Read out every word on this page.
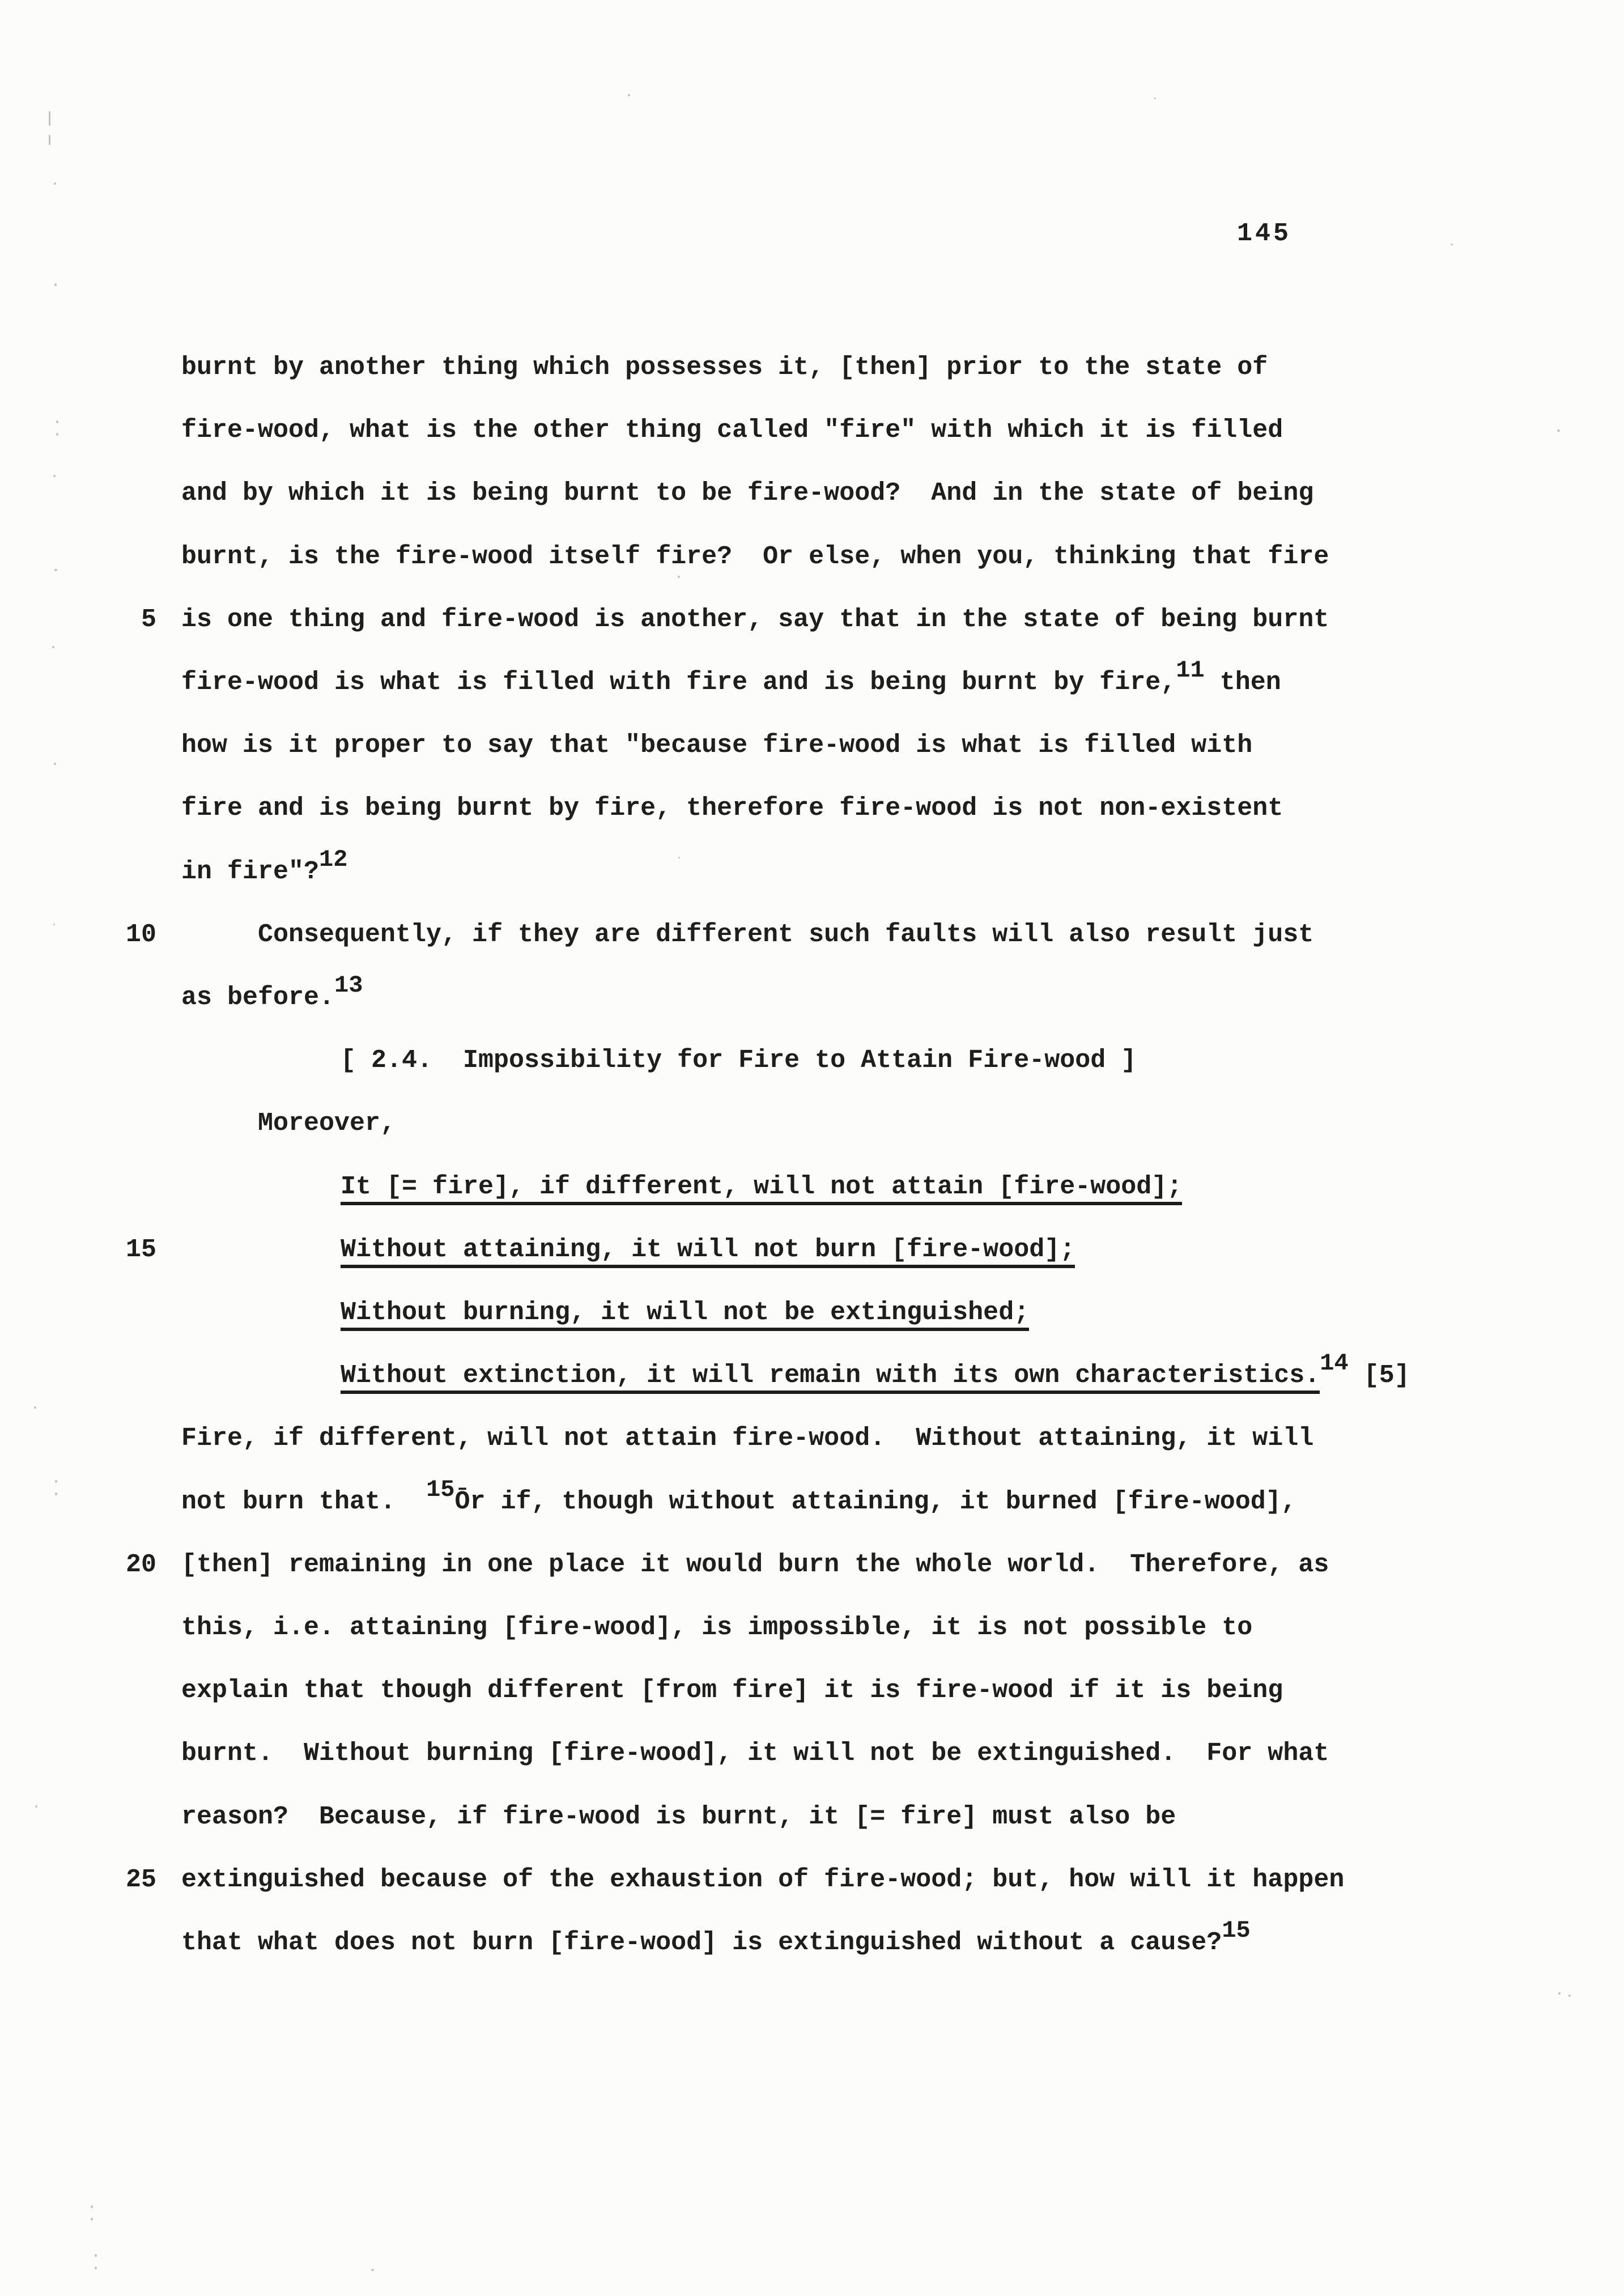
145
burnt by another thing which possesses it, [then] prior to the state of
fire-wood, what is the other thing called "fire" with which it is filled
and by which it is being burnt to be fire-wood?  And in the state of being
burnt, is the fire-wood itself fire?  Or else, when you, thinking that fire
5 is one thing and fire-wood is another, say that in the state of being burnt
fire-wood is what is filled with fire and is being burnt by fire,11 then
how is it proper to say that "because fire-wood is what is filled with
fire and is being burnt by fire, therefore fire-wood is not non-existent
in fire"?12
10	Consequently, if they are different such faults will also result just
as before.13
[ 2.4.  Impossibility for Fire to Attain Fire-wood ]
Moreover,
It [= fire], if different, will not attain [fire-wood];
15	Without attaining, it will not burn [fire-wood];
Without burning, it will not be extinguished;
Without extinction, it will remain with its own characteristics.14 [5]
Fire, if different, will not attain fire-wood.  Without attaining, it will
not burn that.  15Ōr if, though without attaining, it burned [fire-wood],
20 [then] remaining in one place it would burn the whole world.  Therefore, as
this, i.e. attaining [fire-wood], is impossible, it is not possible to
explain that though different [from fire] it is fire-wood if it is being
burnt.  Without burning [fire-wood], it will not be extinguished.  For what
reason?  Because, if fire-wood is burnt, it [= fire] must also be
25 extinguished because of the exhaustion of fire-wood; but, how will it happen
that what does not burn [fire-wood] is extinguished without a cause?15
